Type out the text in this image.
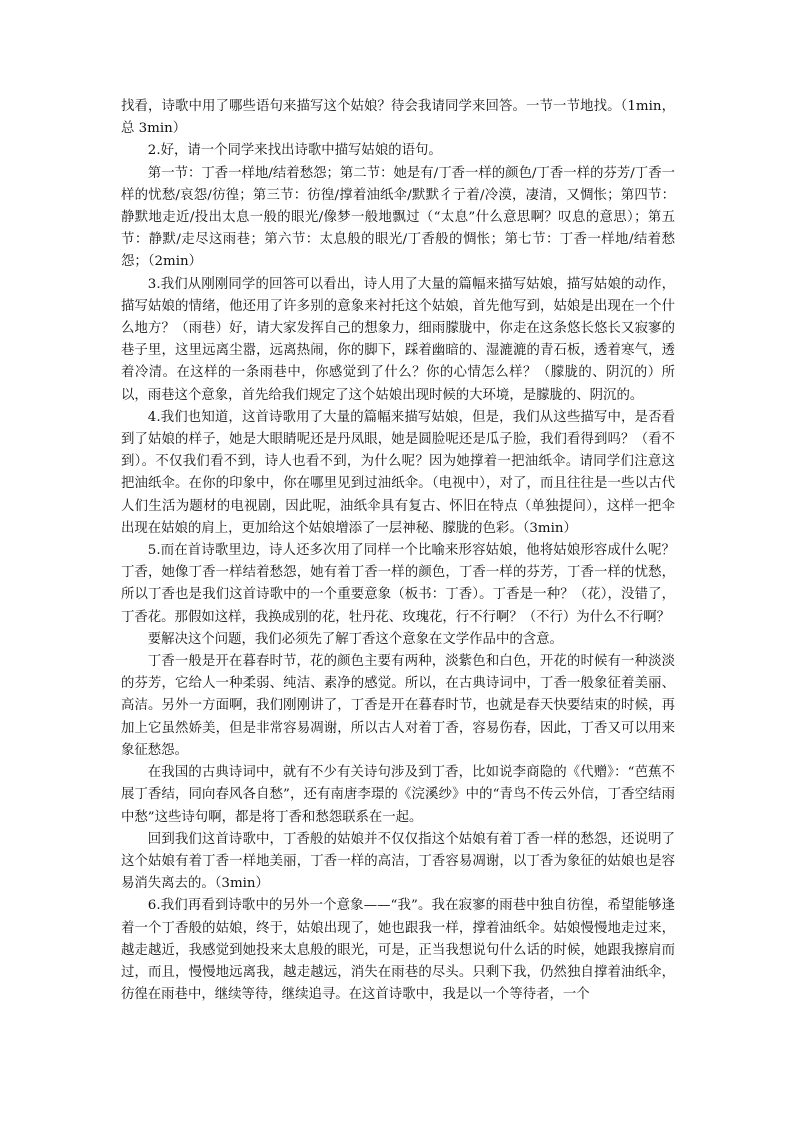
找看，诗歌中用了哪些语句来描写这个姑娘？待会我请同学来回答。一节一节地找。（1min，总 3min）

2.好，请一个同学来找出诗歌中描写姑娘的语句。

第一节：丁香一样地/结着愁怨；第二节：她是有/丁香一样的颜色/丁香一样的芬芳/丁香一样的忧愁/哀怨/彷徨；第三节：彷徨/撑着油纸伞/默默彳亍着/冷漠，凄清，又惆怅；第四节：静默地走近/投出太息一般的眼光/像梦一般地飘过（“太息”什么意思啊？叹息的意思）；第五节：静默/走尽这雨巷；第六节：太息般的眼光/丁香般的惆怅；第七节：丁香一样地/结着愁怨；（2min）

3.我们从刚刚同学的回答可以看出，诗人用了大量的篇幅来描写姑娘，描写姑娘的动作，描写姑娘的情绪，他还用了许多别的意象来衬托这个姑娘，首先他写到，姑娘是出现在一个什么地方？（雨巷）好，请大家发挥自己的想象力，细雨朦胧中，你走在这条悠长悠长又寂寥的巷子里，这里远离尘嚣，远离热闹，你的脚下，踩着幽暗的、湿漉漉的青石板，透着寒气，透着冷清。在这样的一条雨巷中，你感觉到了什么？你的心情怎么样？（朦胧的、阴沉的）所以，雨巷这个意象，首先给我们规定了这个姑娘出现时候的大环境，是朦胧的、阴沉的。

4.我们也知道，这首诗歌用了大量的篇幅来描写姑娘，但是，我们从这些描写中，是否看到了姑娘的样子，她是大眼睛呢还是丹凤眼，她是圆脸呢还是瓜子脸，我们看得到吗？（看不到）。不仅我们看不到，诗人也看不到，为什么呢？因为她撑着一把油纸伞。请同学们注意这把油纸伞。在你的印象中，你在哪里见到过油纸伞。（电视中），对了，而且往往是一些以古代人们生活为题材的电视剧，因此呢，油纸伞具有复古、怀旧在特点（单独提问），这样一把伞出现在姑娘的肩上，更加给这个姑娘增添了一层神秘、朦胧的色彩。（3min）

5.而在首诗歌里边，诗人还多次用了同样一个比喻来形容姑娘，他将姑娘形容成什么呢？丁香，她像丁香一样结着愁怨，她有着丁香一样的颜色，丁香一样的芬芳，丁香一样的忧愁，所以丁香也是我们这首诗歌中的一个重要意象（板书：丁香）。丁香是一种？（花），没错了，丁香花。那假如这样，我换成别的花，牡丹花、玫瑰花，行不行啊？（不行）为什么不行啊？

要解决这个问题，我们必须先了解丁香这个意象在文学作品中的含意。

丁香一般是开在暮春时节，花的颜色主要有两种，淡紫色和白色，开花的时候有一种淡淡的芬芳，它给人一种柔弱、纯洁、素净的感觉。所以，在古典诗词中，丁香一般象征着美丽、高洁。另外一方面啊，我们刚刚讲了，丁香是开在暮春时节，也就是春天快要结束的时候，再加上它虽然娇美，但是非常容易凋谢，所以古人对着丁香，容易伤春，因此，丁香又可以用来象征愁怨。

在我国的古典诗词中，就有不少有关诗句涉及到丁香，比如说李商隐的《代赠》：“芭蕉不展丁香结，同向春风各自愁”，还有南唐李璟的《浣溪纱》中的“青鸟不传云外信，丁香空结雨中愁”这些诗句啊，都是将丁香和愁怨联系在一起。

回到我们这首诗歌中，丁香般的姑娘并不仅仅指这个姑娘有着丁香一样的愁怨，还说明了这个姑娘有着丁香一样地美丽，丁香一样的高洁，丁香容易凋谢，以丁香为象征的姑娘也是容易消失离去的。（3min）

6.我们再看到诗歌中的另外一个意象——“我”。我在寂寥的雨巷中独自彷徨，希望能够逢着一个丁香般的姑娘，终于，姑娘出现了，她也跟我一样，撑着油纸伞。姑娘慢慢地走过来，越走越近，我感觉到她投来太息般的眼光，可是，正当我想说句什么话的时候，她跟我擦肩而过，而且，慢慢地远离我，越走越远，消失在雨巷的尽头。只剩下我，仍然独自撑着油纸伞，彷徨在雨巷中，继续等待，继续追寻。在这首诗歌中，我是以一个等待者，一个
